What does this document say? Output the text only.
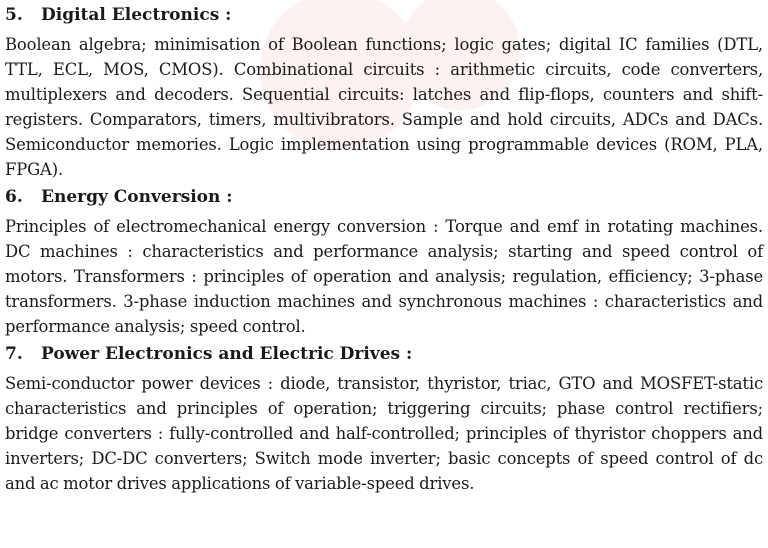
5. Digital Electronics :

Boolean algebra; minimisation of Boolean functions; logic gates; digital IC families (DTL, TTL, ECL, MOS, CMOS). Combinational circuits : arithmetic circuits, code converters, multiplexers and decoders. Sequential circuits: latches and flip-flops, counters and shift-registers. Comparators, timers, multivibrators. Sample and hold circuits, ADCs and DACs. Semiconductor memories. Logic implementation using programmable devices (ROM, PLA, FPGA).

6. Energy Conversion :

Principles of electromechanical energy conversion : Torque and emf in rotating machines. DC machines : characteristics and performance analysis; starting and speed control of motors. Transformers : principles of operation and analysis; regulation, efficiency; 3-phase transformers. 3-phase induction machines and synchronous machines : characteristics and performance analysis; speed control.

7. Power Electronics and Electric Drives :

Semi-conductor power devices : diode, transistor, thyristor, triac, GTO and MOSFET-static characteristics and principles of operation; triggering circuits; phase control rectifiers; bridge converters : fully-controlled and half-controlled; principles of thyristor choppers and inverters; DC-DC converters; Switch mode inverter; basic concepts of speed control of dc and ac motor drives applications of variable-speed drives.
